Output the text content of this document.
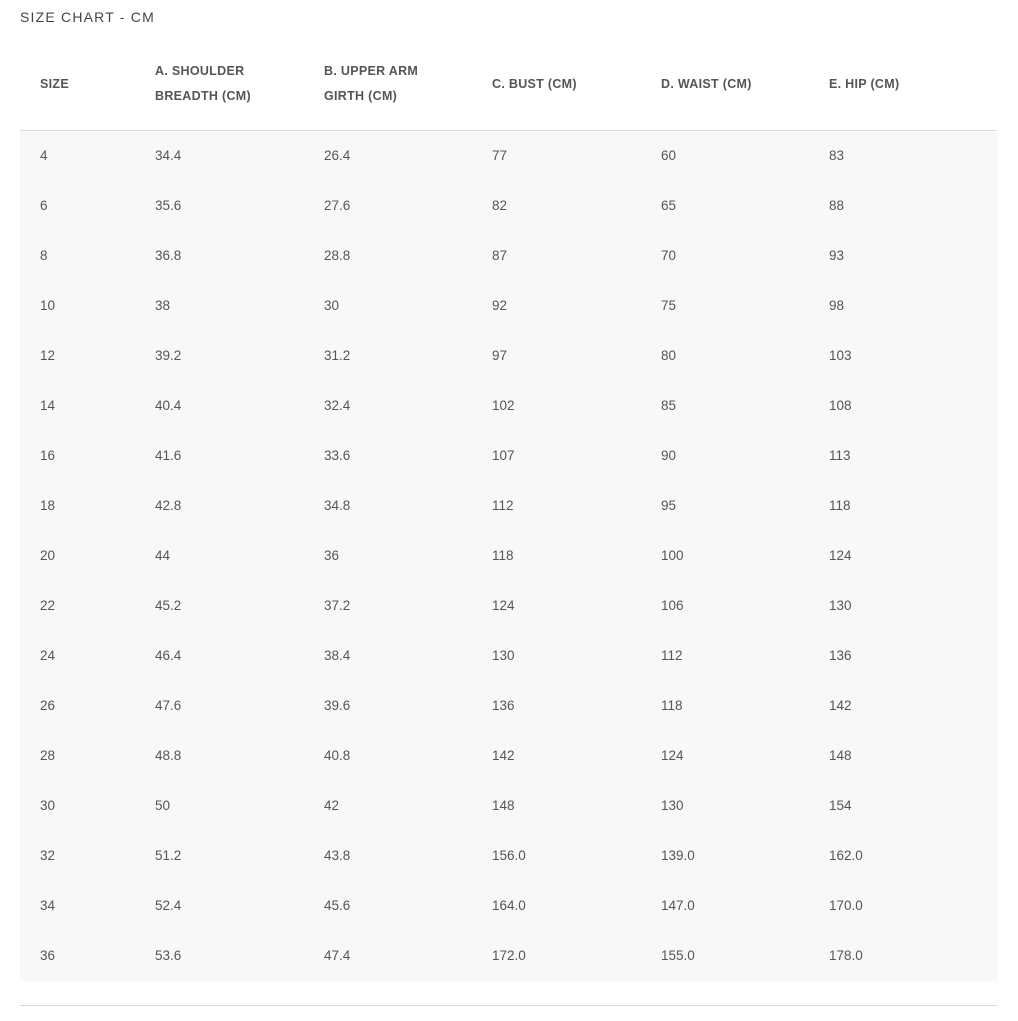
SIZE CHART - CM
SIZE	A. SHOULDER BREADTH (CM)	B. UPPER ARM GIRTH (CM)	C. BUST (CM)	D. WAIST (CM)	E. HIP (CM)
4	34.4	26.4	77	60	83
6	35.6	27.6	82	65	88
8	36.8	28.8	87	70	93
10	38	30	92	75	98
12	39.2	31.2	97	80	103
14	40.4	32.4	102	85	108
16	41.6	33.6	107	90	113
18	42.8	34.8	112	95	118
20	44	36	118	100	124
22	45.2	37.2	124	106	130
24	46.4	38.4	130	112	136
26	47.6	39.6	136	118	142
28	48.8	40.8	142	124	148
30	50	42	148	130	154
32	51.2	43.8	156.0	139.0	162.0
34	52.4	45.6	164.0	147.0	170.0
36	53.6	47.4	172.0	155.0	178.0
